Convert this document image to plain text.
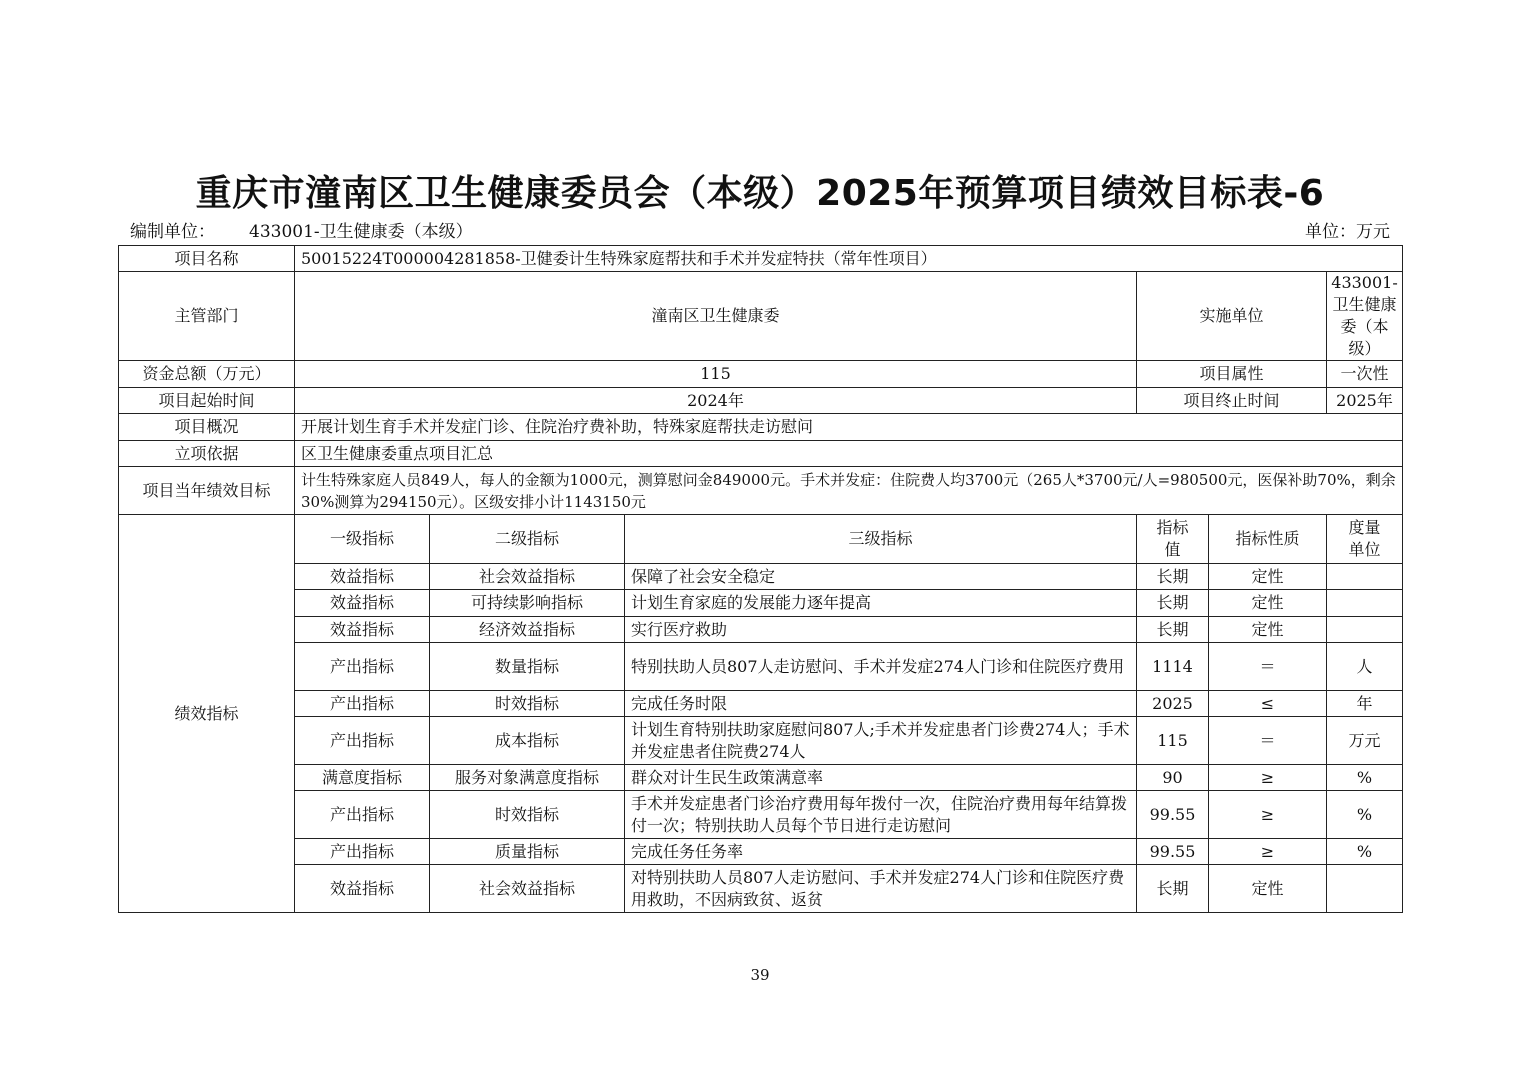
重庆市潼南区卫生健康委员会（本级）2025年预算项目绩效目标表-6
编制单位： 433001-卫生健康委（本级）	单位：万元
项目名称	50015224T000004281858-卫健委计生特殊家庭帮扶和手术并发症特扶（常年性项目）					
主管部门	潼南区卫生健康委			实施单位		433001-卫生健康委（本级）
资金总额（万元）	115			项目属性		一次性
项目起始时间	2024年			项目终止时间		2025年
项目概况	开展计划生育手术并发症门诊、住院治疗费补助，特殊家庭帮扶走访慰问					
立项依据	区卫生健康委重点项目汇总					
项目当年绩效目标	计生特殊家庭人员849人，每人的金额为1000元，测算慰问金849000元。手术并发症：住院费人均3700元（265人*3700元/人=980500元，医保补助70%，剩余30%测算为294150元）。区级安排小计1143150元					
绩效指标	一级指标	二级指标	三级指标	指标值	指标性质	度量单位
	效益指标	社会效益指标	保障了社会安全稳定	长期	定性	
	效益指标	可持续影响指标	计划生育家庭的发展能力逐年提高	长期	定性	
	效益指标	经济效益指标	实行医疗救助	长期	定性	
	产出指标	数量指标	特别扶助人员807人走访慰问、手术并发症274人门诊和住院医疗费用	1114	＝	人
	产出指标	时效指标	完成任务时限	2025	≤	年
	产出指标	成本指标	计划生育特别扶助家庭慰问807人;手术并发症患者门诊费274人；手术并发症患者住院费274人	115	＝	万元
	满意度指标	服务对象满意度指标	群众对计生民生政策满意率	90	≥	%
	产出指标	时效指标	手术并发症患者门诊治疗费用每年拨付一次，住院治疗费用每年结算拨付一次；特别扶助人员每个节日进行走访慰问	99.55	≥	%
	产出指标	质量指标	完成任务任务率	99.55	≥	%
	效益指标	社会效益指标	对特别扶助人员807人走访慰问、手术并发症274人门诊和住院医疗费用救助，不因病致贫、返贫	长期	定性	
39
